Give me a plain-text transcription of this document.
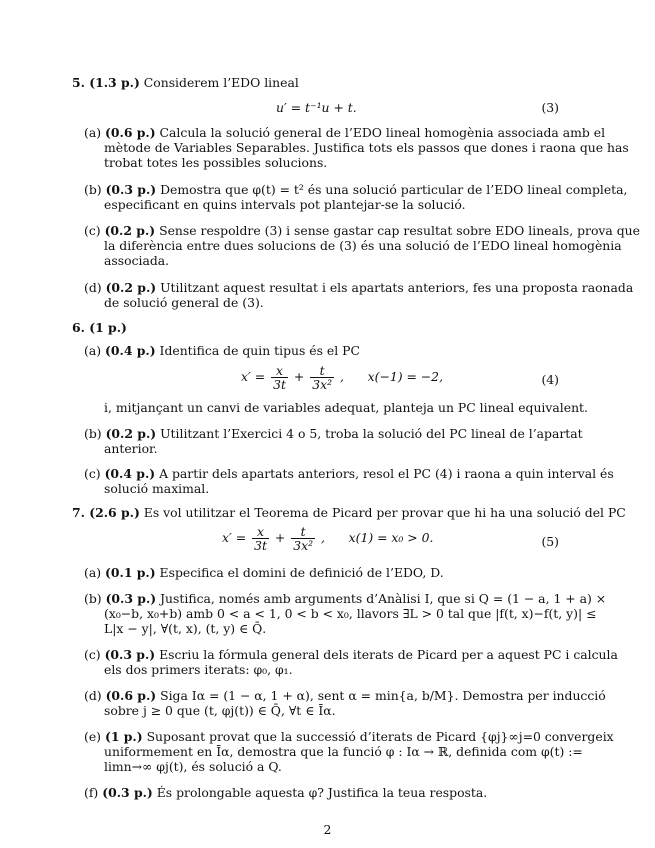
5. (1.3 p.) Considerem l’EDO lineal
u′ = t⁻¹u + t.	(3)
(a) (0.6 p.) Calcula la solució general de l’EDO lineal homogènia associada amb el
mètode de Variables Separables. Justifica tots els passos que dones i raona que has
trobat totes les possibles solucions.
(b) (0.3 p.) Demostra que φ(t) = t² és una solució particular de l’EDO lineal completa,
especificant en quins intervals pot plantejar-se la solució.
(c) (0.2 p.) Sense respoldre (3) i sense gastar cap resultat sobre EDO lineals, prova que
la diferència entre dues solucions de (3) és una solució de l’EDO lineal homogènia
associada.
(d) (0.2 p.) Utilitzant aquest resultat i els apartats anteriors, fes una proposta raonada
de solució general de (3).
6. (1 p.)
(a) (0.4 p.) Identifica de quin tipus és el PC
$x' = \frac{x}{3t} + \frac{t}{\text{3x²}}$ ,      x(−1) = −2,	(4)
i, mitjançant un canvi de variables adequat, planteja un PC lineal equivalent.
(b) (0.2 p.) Utilitzant l’Exercici 4 o 5, troba la solució del PC lineal de l’apartat
anterior.
(c) (0.4 p.) A partir dels apartats anteriors, resol el PC (4) i raona a quin interval és
solució maximal.
7. (2.6 p.) Es vol utilitzar el Teorema de Picard per provar que hi ha una solució del PC
$x' = \frac{x}{3t} + \frac{t}{\text{3x²}}$ ,      x(1) = x₀ > 0.	(5)
(a) (0.1 p.) Especifica el domini de definició de l’EDO, D.
(b) (0.3 p.) Justifica, només amb arguments d’Anàlisi I, que si Q = (1 − a, 1 + a) ×
(x₀−b, x₀+b) amb 0 < a < 1, 0 < b < x₀, llavors ∃L > 0 tal que |f(t, x)−f(t, y)| ≤
L|x − y|, ∀(t, x), (t, y) ∈ Q̄.
(c) (0.3 p.) Escriu la fórmula general dels iterats de Picard per a aquest PC i calcula
els dos primers iterats: φ₀, φ₁.
(d) (0.6 p.) Siga Iα = (1 − α, 1 + α), sent α = min{a, b/M}. Demostra per inducció
sobre j ≥ 0 que (t, φj(t)) ∈ Q̄, ∀t ∈ Īα.
(e) (1 p.) Suposant provat que la successió d’iterats de Picard {φj}∞j=0 convergeix
uniformement en Īα, demostra que la funció φ : Iα → ℝ, definida com φ(t) :=
limn→∞ φj(t), és solució a Q.
(f) (0.3 p.) És prolongable aquesta φ? Justifica la teua resposta.
2
